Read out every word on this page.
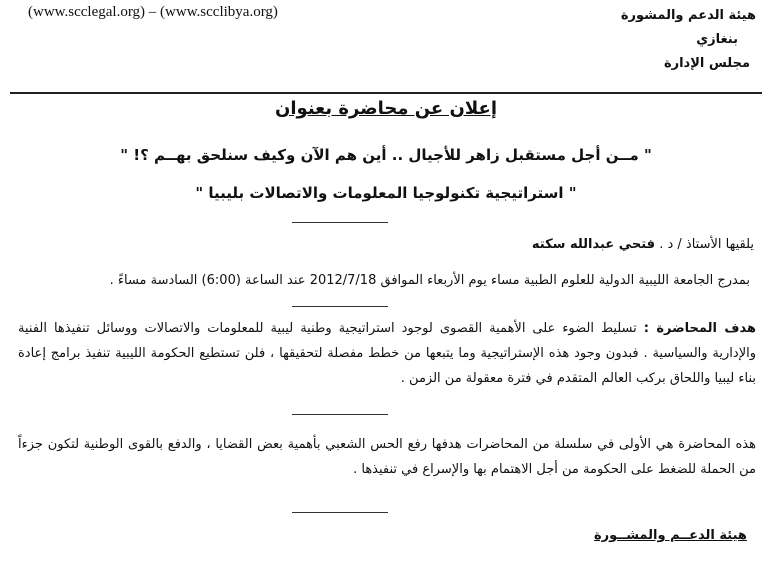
هيئة الدعم والمشورة
بنغازي
مجلس الإدارة
(www.scclegal.org) – (www.scclibya.org)
إعلان عن محاضرة بعنوان
" مــن أجل مستقبل زاهر للأجيال .. أين هم الآن وكيف سنلحق بهــم ؟! "
" استراتيجية تكنولوجيا المعلومات والاتصالات بليبيا "
يلقيها الأستاذ / د . فتحي عبدالله سكته
بمدرج الجامعة الليبية الدولية للعلوم الطبية مساء يوم الأربعاء الموافق 2012/7/18 عند الساعة (6:00) السادسة مساءً .
هدف المحاضرة : تسليط الضوء على الأهمية القصوى لوجود استراتيجية وطنية ليبية للمعلومات والاتصالات ووسائل تنفيذها الفنية والإدارية والسياسية . فبدون وجود هذه الإستراتيجية وما يتبعها من خطط مفصلة لتحقيقها ، فلن تستطيع الحكومة الليبية تنفيذ برامج إعادة بناء ليبيا واللحاق بركب العالم المتقدم في فترة معقولة من الزمن .
هذه المحاضرة هي الأولى في سلسلة من المحاضرات هدفها رفع الحس الشعبي بأهمية بعض القضايا ، والدفع بالقوى الوطنية لتكون جزءاً من الحملة للضغط على الحكومة من أجل الاهتمام بها والإسراع في تنفيذها .
هيئة الدعــم والمشــورة
